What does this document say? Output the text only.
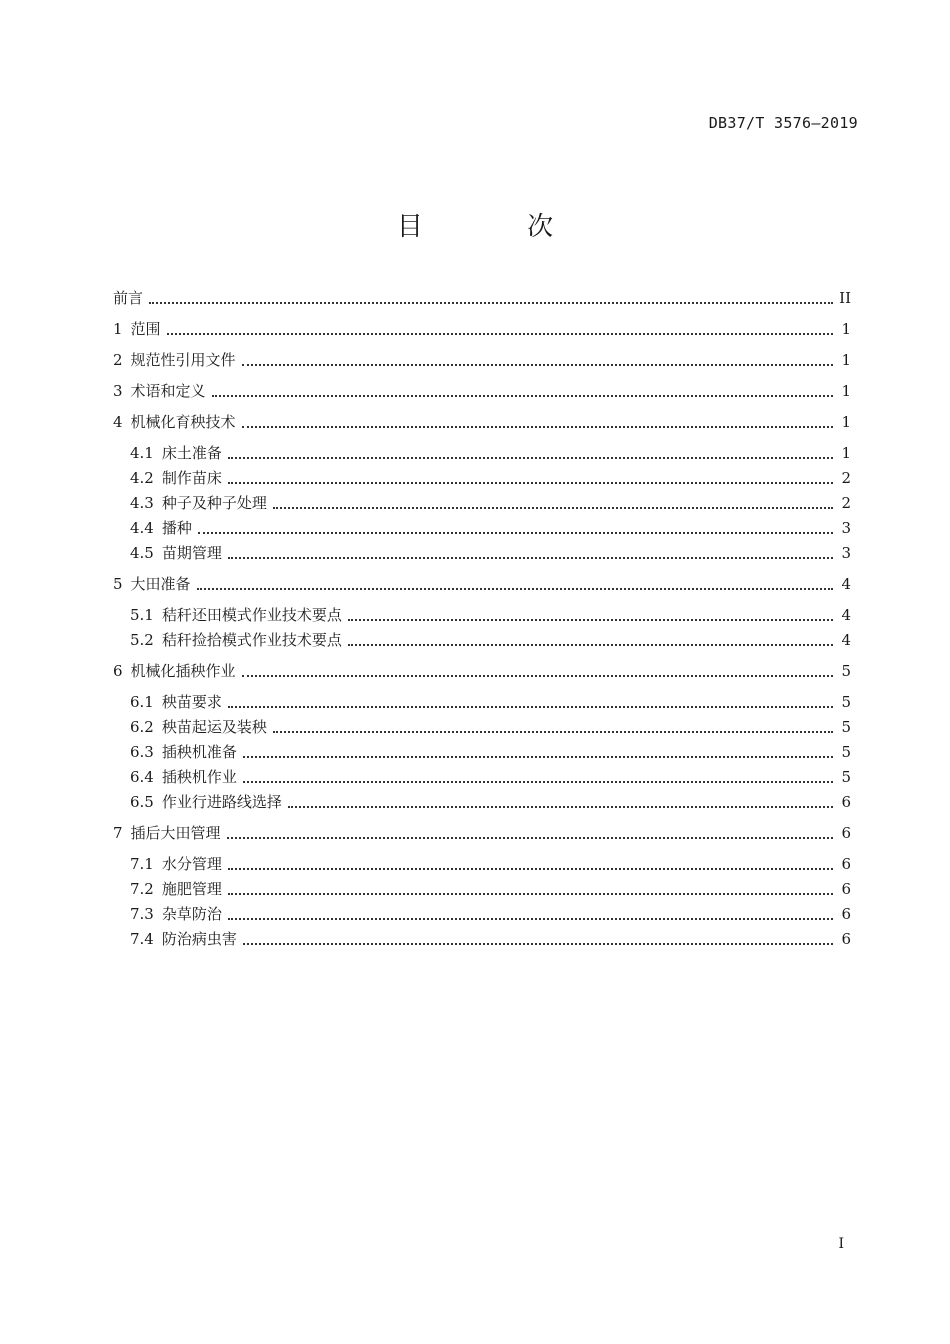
DB37/T 3576—2019
目 次
前言	II
1 范围	1
2 规范性引用文件	1
3 术语和定义	1
4 机械化育秧技术	1
4.1 床土准备	1
4.2 制作苗床	2
4.3 种子及种子处理	2
4.4 播种	3
4.5 苗期管理	3
5 大田准备	4
5.1 秸秆还田模式作业技术要点	4
5.2 秸秆捡拾模式作业技术要点	4
6 机械化插秧作业	5
6.1 秧苗要求	5
6.2 秧苗起运及装秧	5
6.3 插秧机准备	5
6.4 插秧机作业	5
6.5 作业行进路线选择	6
7 插后大田管理	6
7.1 水分管理	6
7.2 施肥管理	6
7.3 杂草防治	6
7.4 防治病虫害	6
I
